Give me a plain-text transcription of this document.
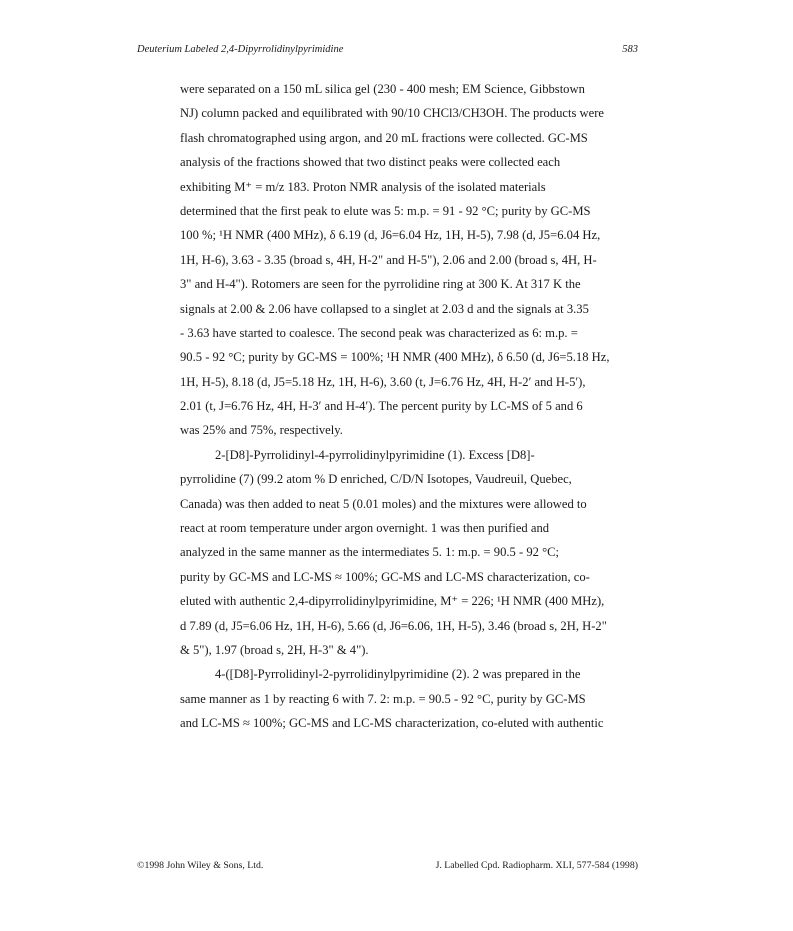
Deuterium Labeled 2,4-Dipyrrolidinylpyrimidine	583
were separated on a 150 mL silica gel (230 - 400 mesh; EM Science, Gibbstown
NJ) column packed and equilibrated with 90/10 CHCl3/CH3OH. The products were
flash chromatographed using argon, and 20 mL fractions were collected. GC-MS
analysis of the fractions showed that two distinct peaks were collected each
exhibiting M⁺ = m/z 183. Proton NMR analysis of the isolated materials
determined that the first peak to elute was 5: m.p. = 91 - 92 °C; purity by GC-MS
100 %; ¹H NMR (400 MHz), δ 6.19 (d, J6=6.04 Hz, 1H, H-5), 7.98 (d, J5=6.04 Hz,
1H, H-6), 3.63 - 3.35 (broad s, 4H, H-2" and H-5"), 2.06 and 2.00 (broad s, 4H, H-
3" and H-4"). Rotomers are seen for the pyrrolidine ring at 300 K. At 317 K the
signals at 2.00 & 2.06 have collapsed to a singlet at 2.03 d and the signals at 3.35
- 3.63 have started to coalesce. The second peak was characterized as 6: m.p. =
90.5 - 92 °C; purity by GC-MS = 100%; ¹H NMR (400 MHz), δ 6.50 (d, J6=5.18 Hz,
1H, H-5), 8.18 (d, J5=5.18 Hz, 1H, H-6), 3.60 (t, J=6.76 Hz, 4H, H-2′ and H-5′),
2.01 (t, J=6.76 Hz, 4H, H-3′ and H-4′). The percent purity by LC-MS of 5 and 6
was 25% and 75%, respectively.
2-[D8]-Pyrrolidinyl-4-pyrrolidinylpyrimidine (1). Excess [D8]-
pyrrolidine (7) (99.2 atom % D enriched, C/D/N Isotopes, Vaudreuil, Quebec,
Canada) was then added to neat 5 (0.01 moles) and the mixtures were allowed to
react at room temperature under argon overnight. 1 was then purified and
analyzed in the same manner as the intermediates 5. 1: m.p. = 90.5 - 92 °C;
purity by GC-MS and LC-MS ≈ 100%; GC-MS and LC-MS characterization, co-
eluted with authentic 2,4-dipyrrolidinylpyrimidine, M⁺ = 226; ¹H NMR (400 MHz),
d 7.89 (d, J5=6.06 Hz, 1H, H-6), 5.66 (d, J6=6.06, 1H, H-5), 3.46 (broad s, 2H, H-2"
& 5"), 1.97 (broad s, 2H, H-3" & 4").
4-([D8]-Pyrrolidinyl-2-pyrrolidinylpyrimidine (2). 2 was prepared in the
same manner as 1 by reacting 6 with 7. 2: m.p. = 90.5 - 92 °C, purity by GC-MS
and LC-MS ≈ 100%; GC-MS and LC-MS characterization, co-eluted with authentic
©1998 John Wiley & Sons, Ltd.	J. Labelled Cpd. Radiopharm. XLI, 577-584 (1998)
